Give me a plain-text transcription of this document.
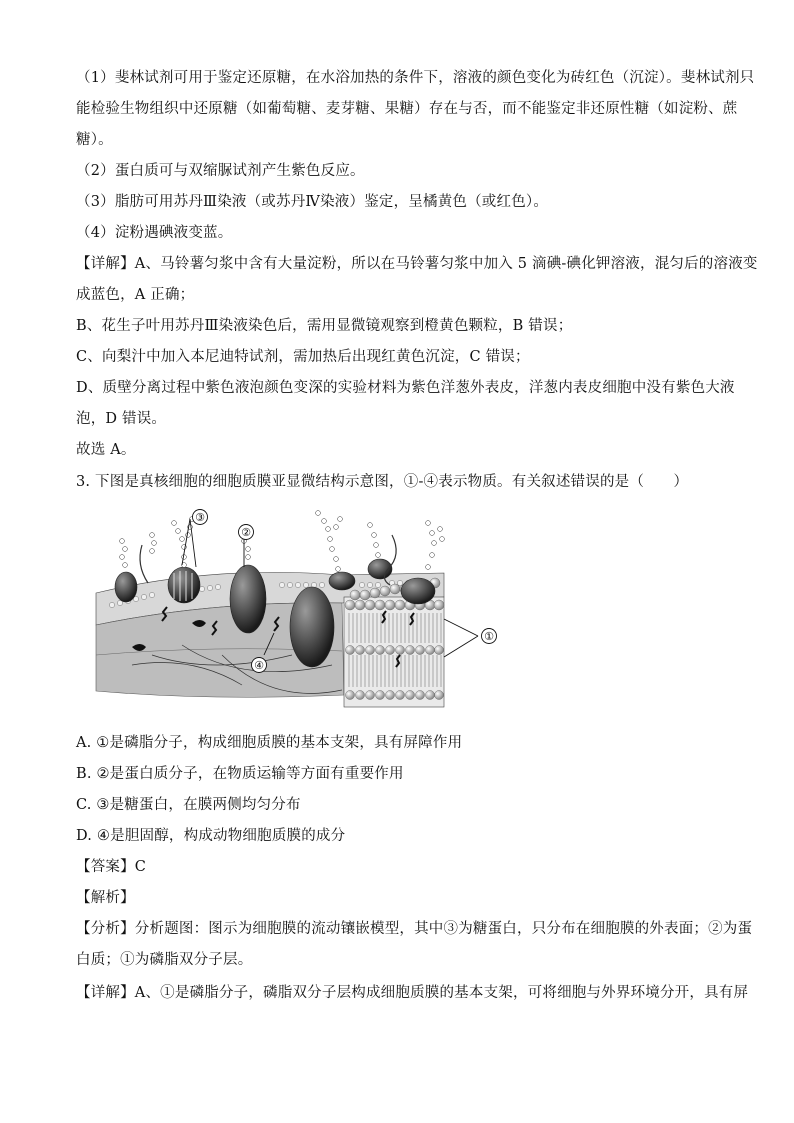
（1）斐林试剂可用于鉴定还原糖，在水浴加热的条件下，溶液的颜色变化为砖红色（沉淀）。斐林试剂只
能检验生物组织中还原糖（如葡萄糖、麦芽糖、果糖）存在与否，而不能鉴定非还原性糖（如淀粉、蔗
糖）。
（2）蛋白质可与双缩脲试剂产生紫色反应。
（3）脂肪可用苏丹Ⅲ染液（或苏丹Ⅳ染液）鉴定，呈橘黄色（或红色）。
（4）淀粉遇碘液变蓝。
【详解】A、马铃薯匀浆中含有大量淀粉，所以在马铃薯匀浆中加入 5 滴碘-碘化钾溶液，混匀后的溶液变
成蓝色，A 正确；
B、花生子叶用苏丹Ⅲ染液染色后，需用显微镜观察到橙黄色颗粒，B 错误；
C、向梨汁中加入本尼迪特试剂，需加热后出现红黄色沉淀，C 错误；
D、质壁分离过程中紫色液泡颜色变深的实验材料为紫色洋葱外表皮，洋葱内表皮细胞中没有紫色大液
泡，D 错误。
故选 A。
3. 下图是真核细胞的细胞质膜亚显微结构示意图，①-④表示物质。有关叙述错误的是（　　）
③
②
④
①
A. ①是磷脂分子，构成细胞质膜的基本支架，具有屏障作用
B. ②是蛋白质分子，在物质运输等方面有重要作用
C. ③是糖蛋白，在膜两侧均匀分布
D. ④是胆固醇，构成动物细胞质膜的成分
【答案】C
【解析】
【分析】分析题图：图示为细胞膜的流动镶嵌模型，其中③为糖蛋白，只分布在细胞膜的外表面；②为蛋
白质；①为磷脂双分子层。
【详解】A、①是磷脂分子，磷脂双分子层构成细胞质膜的基本支架，可将细胞与外界环境分开，具有屏
